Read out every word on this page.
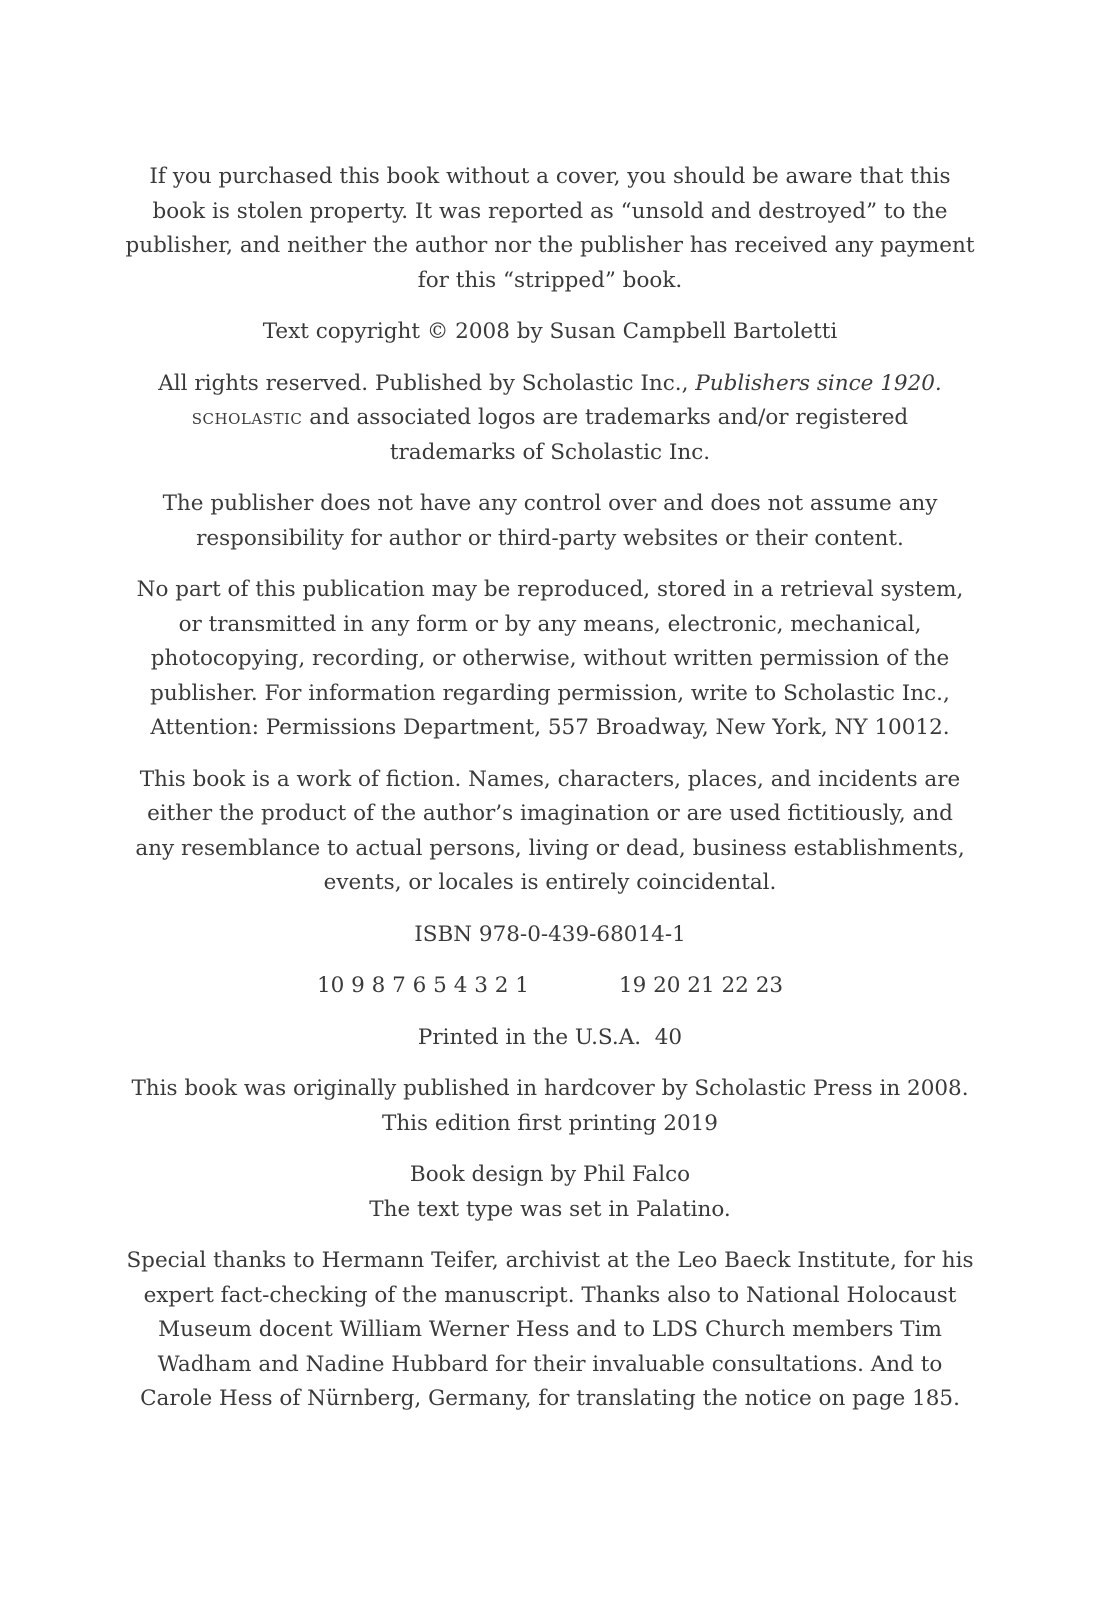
If you purchased this book without a cover, you should be aware that this
book is stolen property. It was reported as “unsold and destroyed” to the
publisher, and neither the author nor the publisher has received any payment
for this “stripped” book.

Text copyright © 2008 by Susan Campbell Bartoletti

All rights reserved. Published by Scholastic Inc., Publishers since 1920.
scholastic and associated logos are trademarks and/or registered
trademarks of Scholastic Inc.

The publisher does not have any control over and does not assume any
responsibility for author or third-party websites or their content.

No part of this publication may be reproduced, stored in a retrieval system,
or transmitted in any form or by any means, electronic, mechanical,
photocopying, recording, or otherwise, without written permission of the
publisher. For information regarding permission, write to Scholastic Inc.,
Attention: Permissions Department, 557 Broadway, New York, NY 10012.

This book is a work of fiction. Names, characters, places, and incidents are
either the product of the author’s imagination or are used fictitiously, and
any resemblance to actual persons, living or dead, business establishments,
events, or locales is entirely coincidental.

ISBN 978-0-439-68014-1

10 9 8 7 6 5 4 3 2 1	19 20 21 22 23

Printed in the U.S.A.  40

This book was originally published in hardcover by Scholastic Press in 2008.
This edition first printing 2019

Book design by Phil Falco
The text type was set in Palatino.

Special thanks to Hermann Teifer, archivist at the Leo Baeck Institute, for his
expert fact-checking of the manuscript. Thanks also to National Holocaust
Museum docent William Werner Hess and to LDS Church members Tim
Wadham and Nadine Hubbard for their invaluable consultations. And to
Carole Hess of Nürnberg, Germany, for translating the notice on page 185.
